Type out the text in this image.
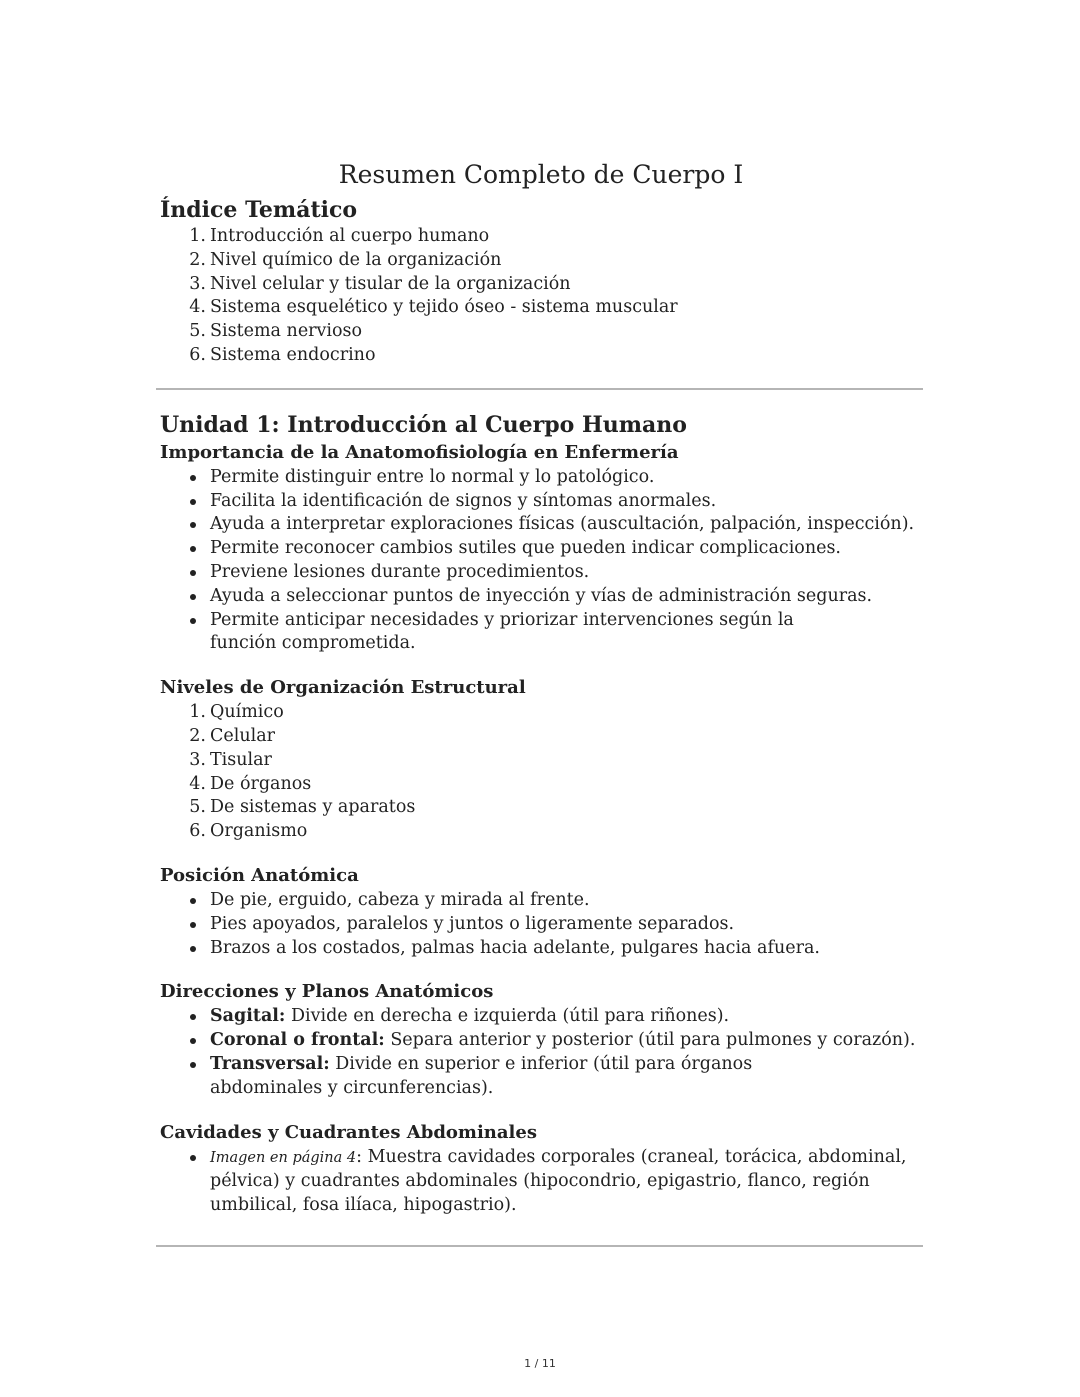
Resumen Completo de Cuerpo I
Índice Temático
1. Introducción al cuerpo humano
2. Nivel químico de la organización
3. Nivel celular y tisular de la organización
4. Sistema esquelético y tejido óseo - sistema muscular
5. Sistema nervioso
6. Sistema endocrino
Unidad 1: Introducción al Cuerpo Humano
Importancia de la Anatomofisiología en Enfermería
Permite distinguir entre lo normal y lo patológico.
Facilita la identificación de signos y síntomas anormales.
Ayuda a interpretar exploraciones físicas (auscultación, palpación, inspección).
Permite reconocer cambios sutiles que pueden indicar complicaciones.
Previene lesiones durante procedimientos.
Ayuda a seleccionar puntos de inyección y vías de administración seguras.
Permite anticipar necesidades y priorizar intervenciones según la función comprometida.
Niveles de Organización Estructural
1. Químico
2. Celular
3. Tisular
4. De órganos
5. De sistemas y aparatos
6. Organismo
Posición Anatómica
De pie, erguido, cabeza y mirada al frente.
Pies apoyados, paralelos y juntos o ligeramente separados.
Brazos a los costados, palmas hacia adelante, pulgares hacia afuera.
Direcciones y Planos Anatómicos
Sagital: Divide en derecha e izquierda (útil para riñones).
Coronal o frontal: Separa anterior y posterior (útil para pulmones y corazón).
Transversal: Divide en superior e inferior (útil para órganos abdominales y circunferencias).
Cavidades y Cuadrantes Abdominales
Imagen en página 4: Muestra cavidades corporales (craneal, torácica, abdominal, pélvica) y cuadrantes abdominales (hipocondrio, epigastrio, flanco, región umbilical, fosa ilíaca, hipogastrio).
1 / 11
